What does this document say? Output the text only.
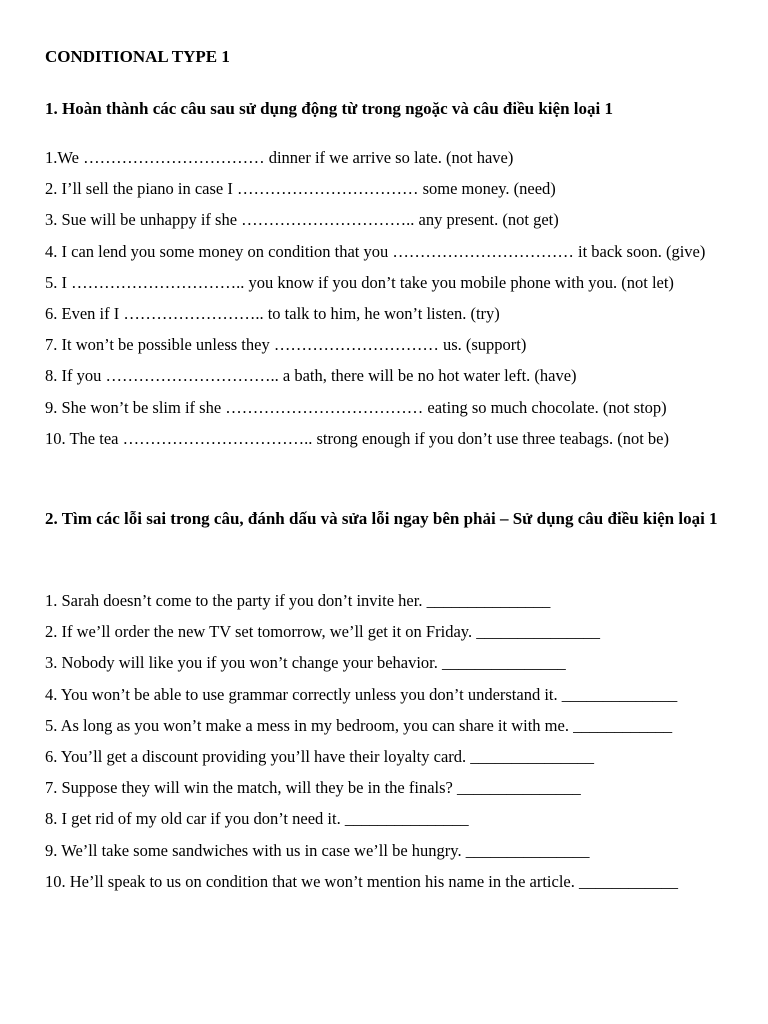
CONDITIONAL TYPE 1
1. Hoàn thành các câu sau sử dụng động từ trong ngoặc và câu điều kiện loại 1
1.We …………………………… dinner if we arrive so late. (not have)
2. I’ll sell the piano in case I …………………………… some money. (need)
3. Sue will be unhappy if she ………………………….. any present. (not get)
4. I can lend you some money on condition that you …………………………… it back soon. (give)
5. I ………………………….. you know if you don’t take you mobile phone with you. (not let)
6. Even if I …………………….. to talk to him, he won’t listen. (try)
7. It won’t be possible unless they ………………………… us. (support)
8. If you ………………………….. a bath, there will be no hot water left. (have)
9. She won’t be slim if she ……………………………… eating so much chocolate. (not stop)
10. The tea …………………………….. strong enough if you don’t use three teabags. (not be)
2. Tìm các lỗi sai trong câu, đánh dấu và sửa lỗi ngay bên phải – Sử dụng câu điều kiện loại 1
1. Sarah doesn’t come to the party if you don’t invite her. _______________
2. If we’ll order the new TV set tomorrow, we’ll get it on Friday. _______________
3. Nobody will like you if you won’t change your behavior. _______________
4. You won’t be able to use grammar correctly unless you don’t understand it. ______________
5. As long as you won’t make a mess in my bedroom, you can share it with me. ____________
6. You’ll get a discount providing you’ll have their loyalty card. _______________
7. Suppose they will win the match, will they be in the finals? _______________
8. I get rid of my old car if you don’t need it. _______________
9. We’ll take some sandwiches with us in case we’ll be hungry. _______________
10. He’ll speak to us on condition that we won’t mention his name in the article. ____________
